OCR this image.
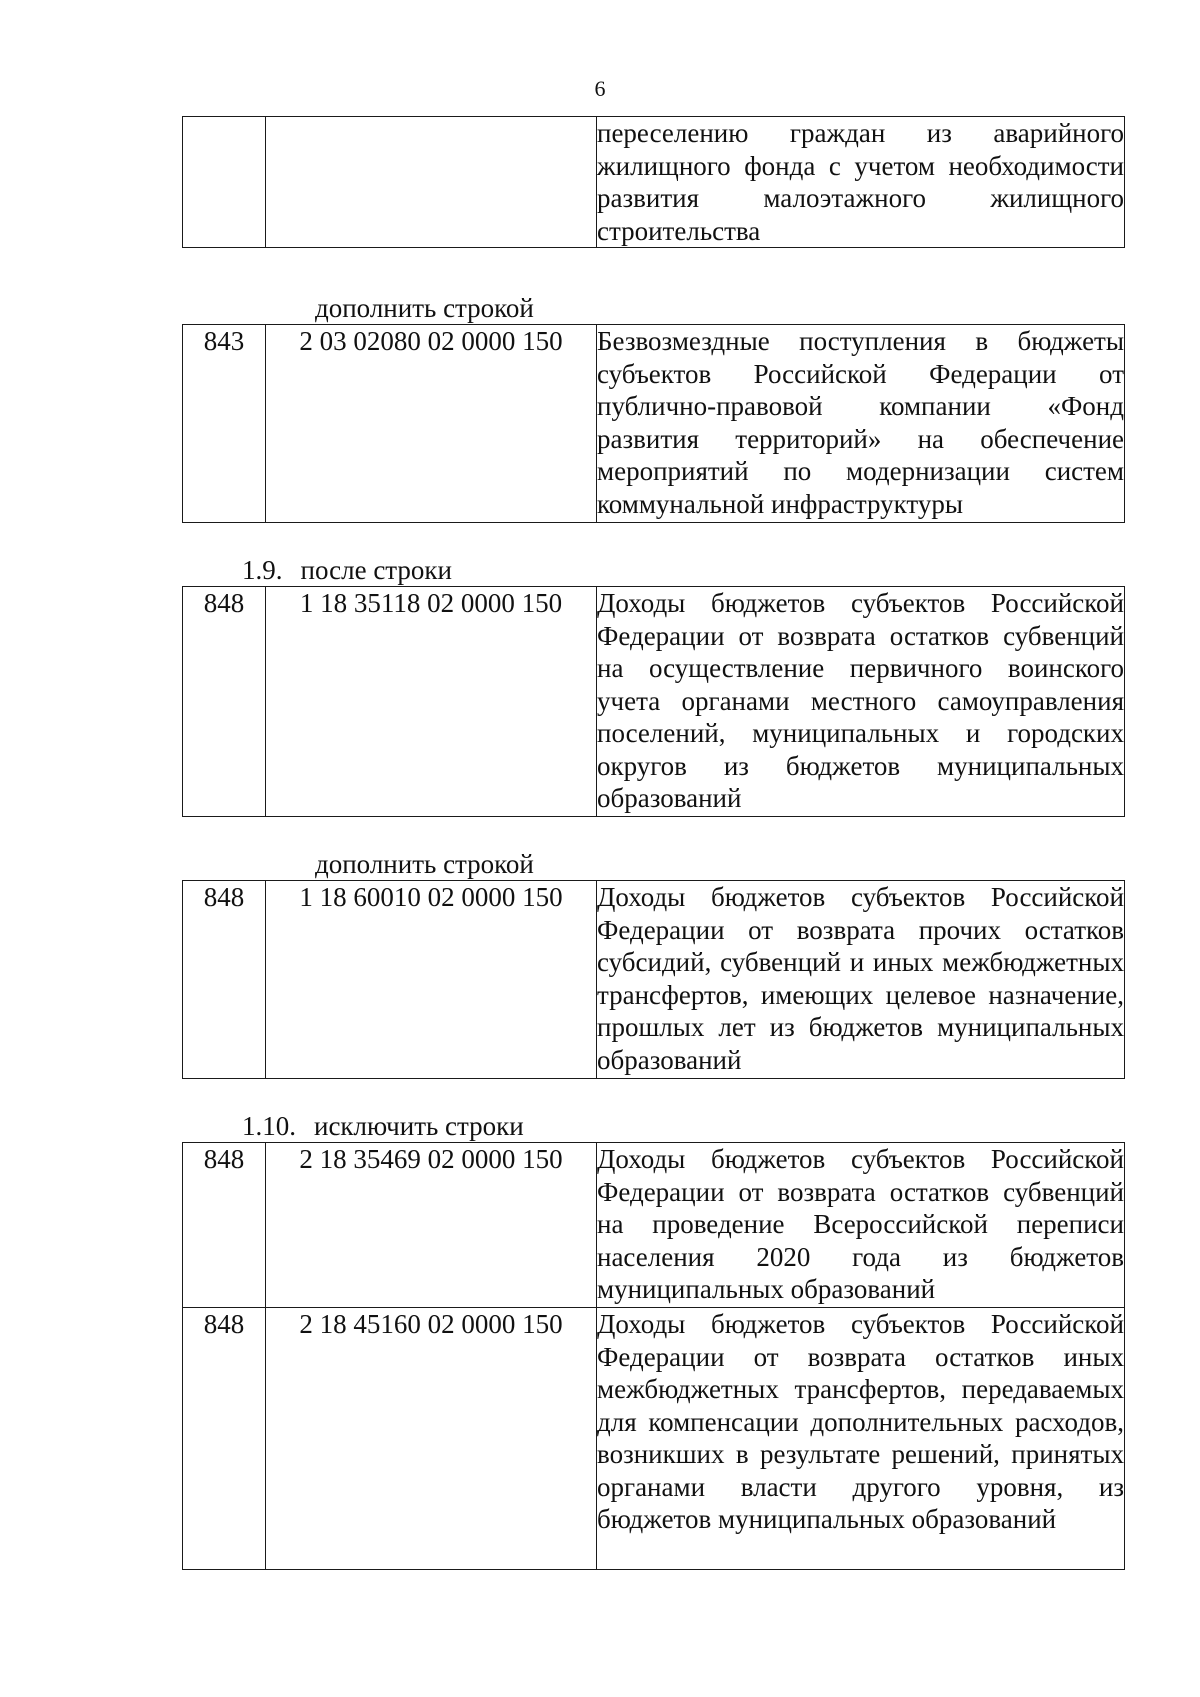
6
		переселению граждан из аварийного жилищного фонда с учетом необходимости развития малоэтажного жилищного строительства
дополнить строкой
843	2 03 02080 02 0000 150	Безвозмездные поступления в бюджеты субъектов Российской Федерации от публично-правовой компании «Фонд развития территорий» на обеспечение мероприятий по модернизации систем коммунальной инфраструктуры
1.9. после строки
848	1 18 35118 02 0000 150	Доходы бюджетов субъектов Российской Федерации от возврата остатков субвенций на осуществление первичного воинского учета органами местного самоуправления поселений, муниципальных и городских округов из бюджетов муниципальных образований
дополнить строкой
848	1 18 60010 02 0000 150	Доходы бюджетов субъектов Российской Федерации от возврата прочих остатков субсидий, субвенций и иных межбюджетных трансфертов, имеющих целевое назначение, прошлых лет из бюджетов муниципальных образований
1.10. исключить строки
848	2 18 35469 02 0000 150	Доходы бюджетов субъектов Российской Федерации от возврата остатков субвенций на проведение Всероссийской переписи населения 2020 года из бюджетов муниципальных образований
848	2 18 45160 02 0000 150	Доходы бюджетов субъектов Российской Федерации от возврата остатков иных межбюджетных трансфертов, передаваемых для компенсации дополнительных расходов, возникших в результате решений, принятых органами власти другого уровня, из бюджетов муниципальных образований
